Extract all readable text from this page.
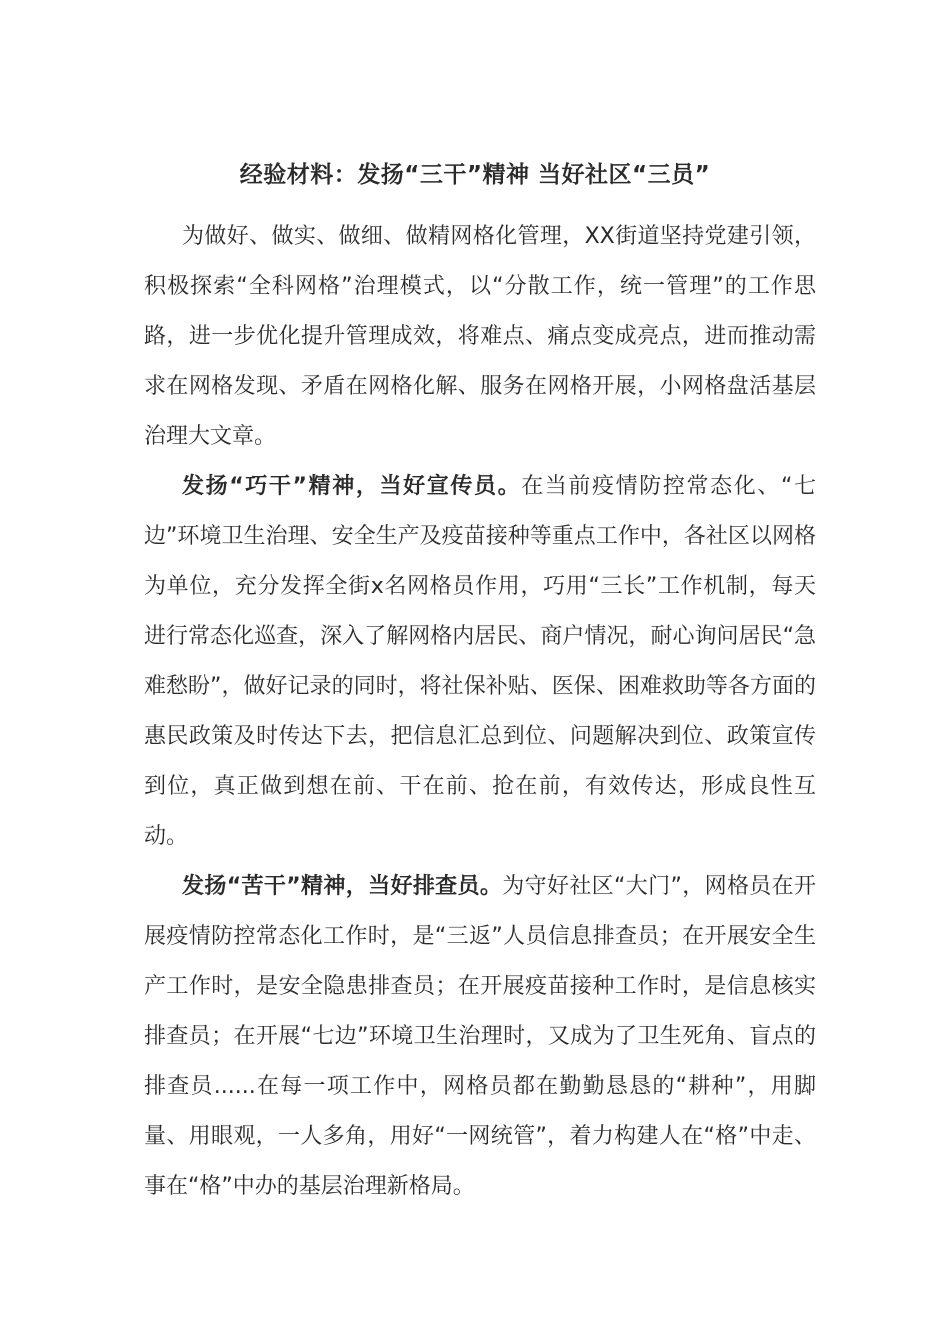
经验材料：发扬“三干”精神 当好社区“三员”

为做好、做实、做细、做精网格化管理，XX街道坚持党建引领，积极探索“全科网格”治理模式，以“分散工作，统一管理”的工作思路，进一步优化提升管理成效，将难点、痛点变成亮点，进而推动需求在网格发现、矛盾在网格化解、服务在网格开展，小网格盘活基层治理大文章。

发扬“巧干”精神，当好宣传员。在当前疫情防控常态化、“七边”环境卫生治理、安全生产及疫苗接种等重点工作中，各社区以网格为单位，充分发挥全街x名网格员作用，巧用“三长”工作机制，每天进行常态化巡查，深入了解网格内居民、商户情况，耐心询问居民“急难愁盼”，做好记录的同时，将社保补贴、医保、困难救助等各方面的惠民政策及时传达下去，把信息汇总到位、问题解决到位、政策宣传到位，真正做到想在前、干在前、抢在前，有效传达，形成良性互动。

发扬“苦干”精神，当好排查员。为守好社区“大门”，网格员在开展疫情防控常态化工作时，是“三返”人员信息排查员；在开展安全生产工作时，是安全隐患排查员；在开展疫苗接种工作时，是信息核实排查员；在开展“七边”环境卫生治理时，又成为了卫生死角、盲点的排查员......在每一项工作中，网格员都在勤勤恳恳的“耕种”，用脚量、用眼观，一人多角，用好“一网统管”，着力构建人在“格”中走、事在“格”中办的基层治理新格局。
